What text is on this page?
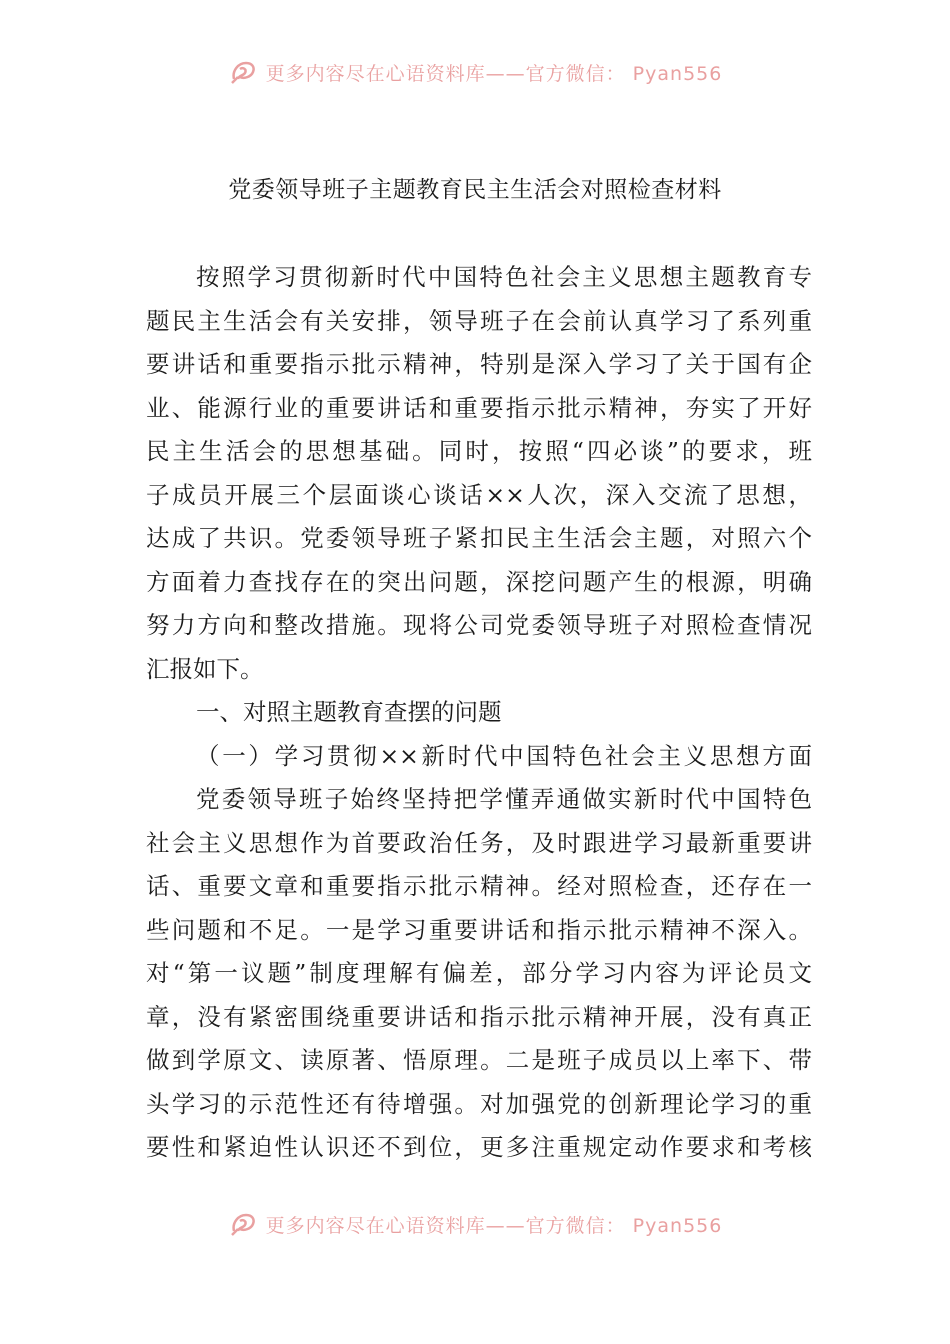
更多内容尽在心语资料库——官方微信： Pyan556
党委领导班子主题教育民主生活会对照检查材料
按照学习贯彻新时代中国特色社会主义思想主题教育专
题民主生活会有关安排，领导班子在会前认真学习了系列重
要讲话和重要指示批示精神，特别是深入学习了关于国有企
业、能源行业的重要讲话和重要指示批示精神，夯实了开好
民主生活会的思想基础。同时，按照“四必谈”的要求，班
子成员开展三个层面谈心谈话××人次，深入交流了思想，
达成了共识。党委领导班子紧扣民主生活会主题，对照六个
方面着力查找存在的突出问题，深挖问题产生的根源，明确
努力方向和整改措施。现将公司党委领导班子对照检查情况
汇报如下。
一、对照主题教育查摆的问题
（一）学习贯彻××新时代中国特色社会主义思想方面
党委领导班子始终坚持把学懂弄通做实新时代中国特色
社会主义思想作为首要政治任务，及时跟进学习最新重要讲
话、重要文章和重要指示批示精神。经对照检查，还存在一
些问题和不足。一是学习重要讲话和指示批示精神不深入。
对“第一议题”制度理解有偏差，部分学习内容为评论员文
章，没有紧密围绕重要讲话和指示批示精神开展，没有真正
做到学原文、读原著、悟原理。二是班子成员以上率下、带
头学习的示范性还有待增强。对加强党的创新理论学习的重
要性和紧迫性认识还不到位，更多注重规定动作要求和考核
更多内容尽在心语资料库——官方微信： Pyan556
